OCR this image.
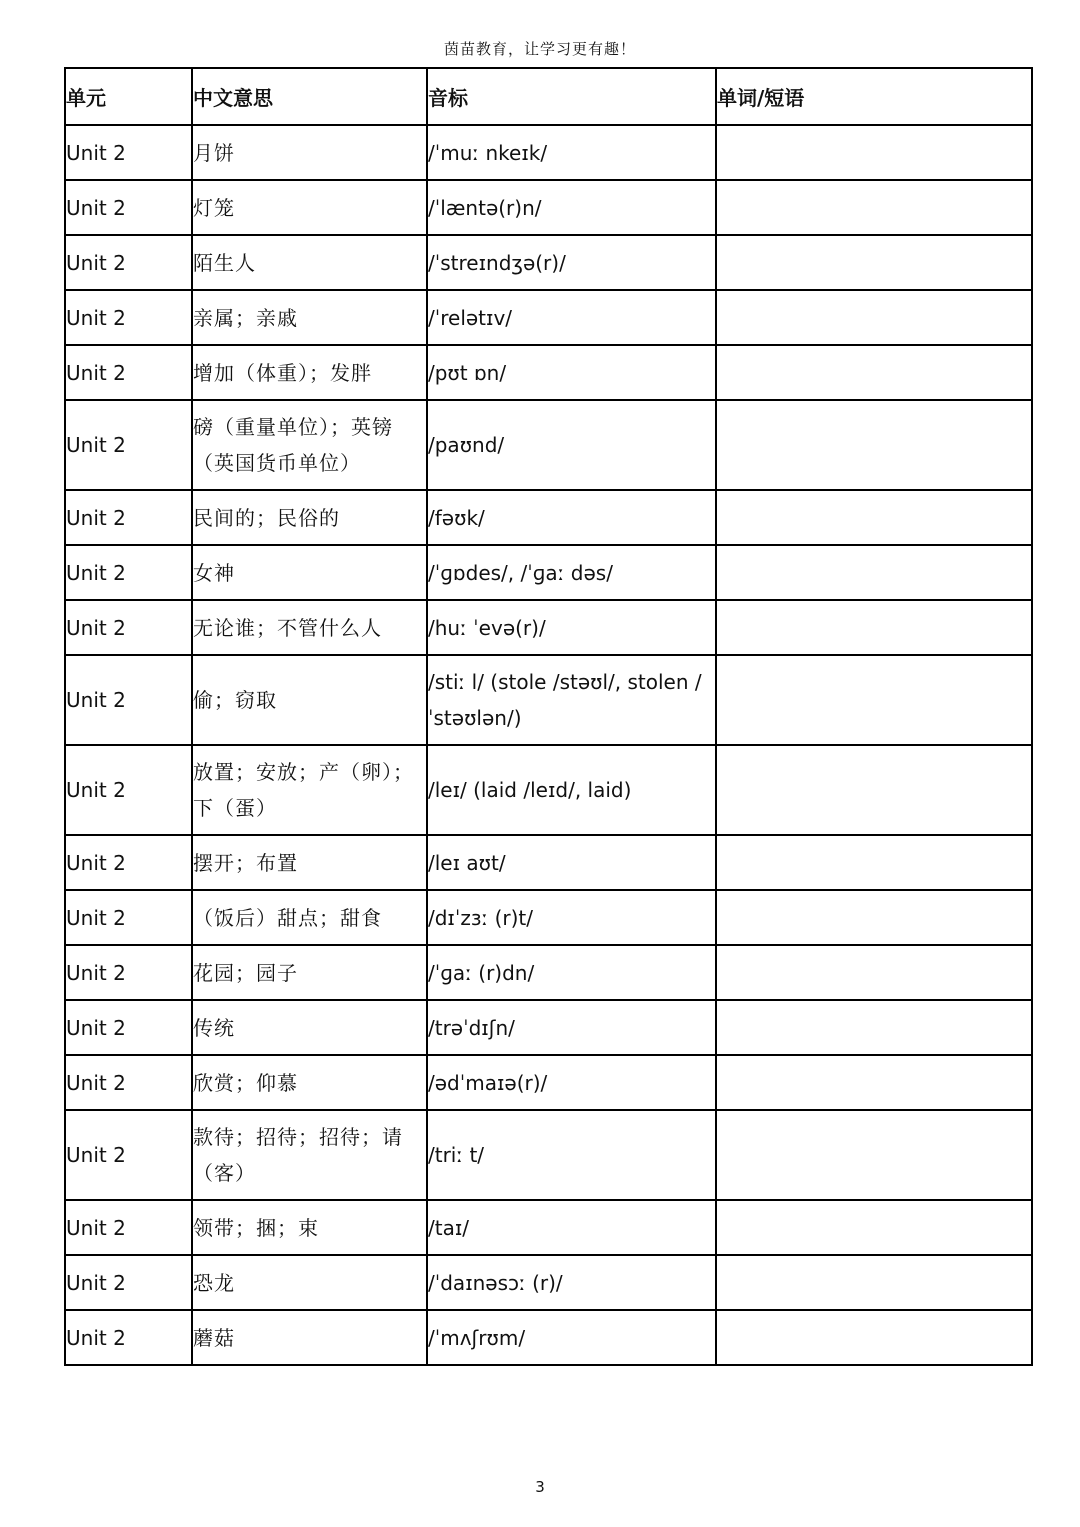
茵苗教育，让学习更有趣！
单元	中文意思	音标	单词/短语
Unit 2	月饼	/ˈmuː nkeɪk/	
Unit 2	灯笼	/ˈlæntə(r)n/	
Unit 2	陌生人	/ˈstreɪndʒə(r)/	
Unit 2	亲属；亲戚	/ˈrelətɪv/	
Unit 2	增加（体重）；发胖	/pʊt ɒn/	
Unit 2	磅（重量单位）；英镑（英国货币单位）	/paʊnd/	
Unit 2	民间的；民俗的	/fəʊk/	
Unit 2	女神	/ˈɡɒdes/, /ˈɡaː dəs/	
Unit 2	无论谁；不管什么人	/huː ˈevə(r)/	
Unit 2	偷；窃取	/stiː l/ (stole /stəʊl/, stolen /ˈstəʊlən/)	
Unit 2	放置；安放；产（卵）；下（蛋）	/leɪ/ (laid /leɪd/, laid)	
Unit 2	摆开；布置	/leɪ aʊt/	
Unit 2	（饭后）甜点；甜食	/dɪˈzɜː (r)t/	
Unit 2	花园；园子	/ˈɡaː (r)dn/	
Unit 2	传统	/trəˈdɪʃn/	
Unit 2	欣赏；仰慕	/ədˈmaɪə(r)/	
Unit 2	款待；招待；招待；请（客）	/triː t/	
Unit 2	领带；捆；束	/taɪ/	
Unit 2	恐龙	/ˈdaɪnəsɔː (r)/	
Unit 2	蘑菇	/ˈmʌʃrʊm/	
3
